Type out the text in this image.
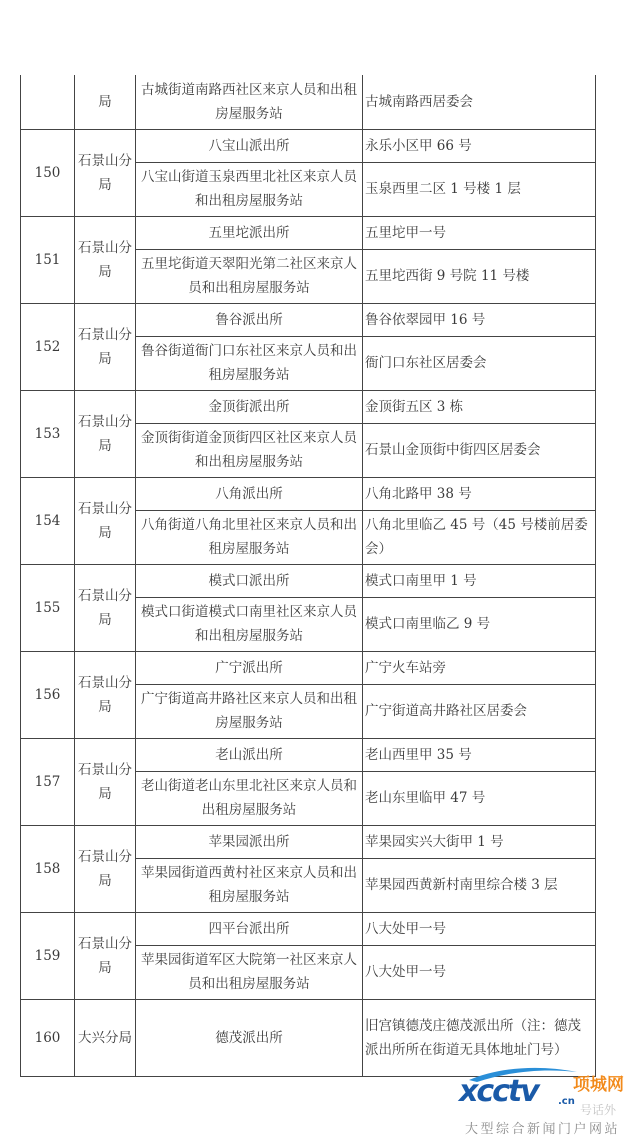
	局	古城街道南路西社区来京人员和出租房屋服务站	古城南路西居委会
150	石景山分局	八宝山派出所	永乐小区甲 66 号
		八宝山街道玉泉西里北社区来京人员和出租房屋服务站	玉泉西里二区 1 号楼 1 层
151	石景山分局	五里坨派出所	五里坨甲一号
		五里坨街道天翠阳光第二社区来京人员和出租房屋服务站	五里坨西街 9 号院 11 号楼
152	石景山分局	鲁谷派出所	鲁谷依翠园甲 16 号
		鲁谷街道衙门口东社区来京人员和出租房屋服务站	衙门口东社区居委会
153	石景山分局	金顶街派出所	金顶街五区 3 栋
		金顶街街道金顶街四区社区来京人员和出租房屋服务站	石景山金顶街中街四区居委会
154	石景山分局	八角派出所	八角北路甲 38 号
		八角街道八角北里社区来京人员和出租房屋服务站	八角北里临乙 45 号（45 号楼前居委会）
155	石景山分局	模式口派出所	模式口南里甲 1 号
		模式口街道模式口南里社区来京人员和出租房屋服务站	模式口南里临乙 9 号
156	石景山分局	广宁派出所	广宁火车站旁
		广宁街道高井路社区来京人员和出租房屋服务站	广宁街道高井路社区居委会
157	石景山分局	老山派出所	老山西里甲 35 号
		老山街道老山东里北社区来京人员和出租房屋服务站	老山东里临甲 47 号
158	石景山分局	苹果园派出所	苹果园实兴大街甲 1 号
		苹果园街道西黄村社区来京人员和出租房屋服务站	苹果园西黄新村南里综合楼 3 层
159	石景山分局	四平台派出所	八大处甲一号
		苹果园街道军区大院第一社区来京人员和出租房屋服务站	八大处甲一号
160	大兴分局	德茂派出所	旧宫镇德茂庄德茂派出所（注：德茂派出所所在街道无具体地址门号）
xcctv .cn
项城网
号话外
大型综合新闻门户网站
